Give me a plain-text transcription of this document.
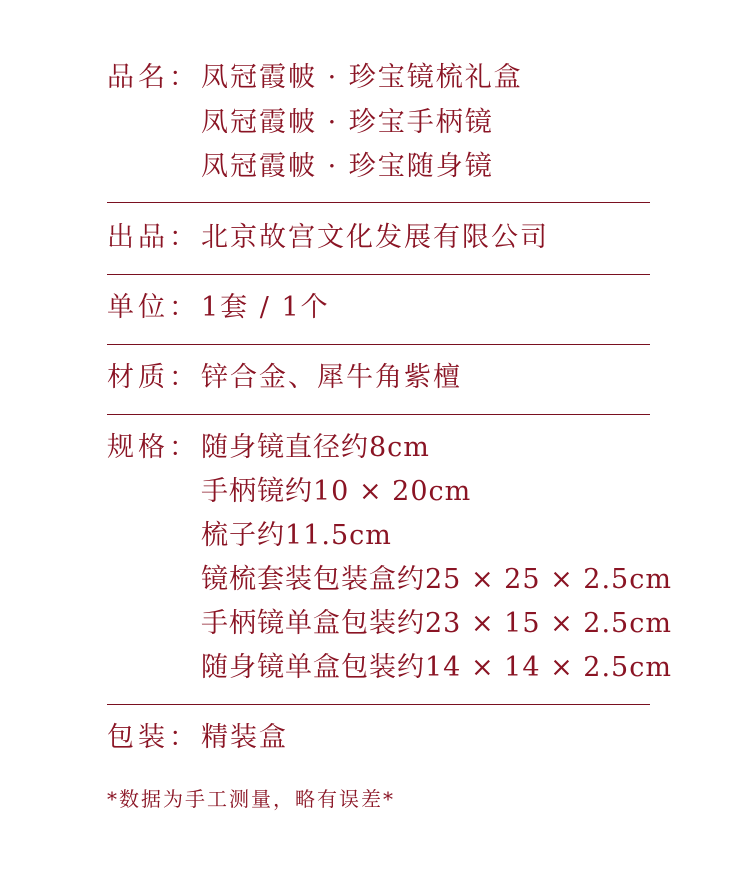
品名： 凤冠霞帔 · 珍宝镜梳礼盒
凤冠霞帔 · 珍宝手柄镜
凤冠霞帔 · 珍宝随身镜
出品： 北京故宫文化发展有限公司
单位： 1套 / 1个
材质： 锌合金、犀牛角紫檀
规格： 随身镜直径约8cm
手柄镜约10 × 20cm
梳子约11.5cm
镜梳套装包装盒约25 × 25 × 2.5cm
手柄镜单盒包装约23 × 15 × 2.5cm
随身镜单盒包装约14 × 14 × 2.5cm
包装： 精装盒
*数据为手工测量，略有误差*
